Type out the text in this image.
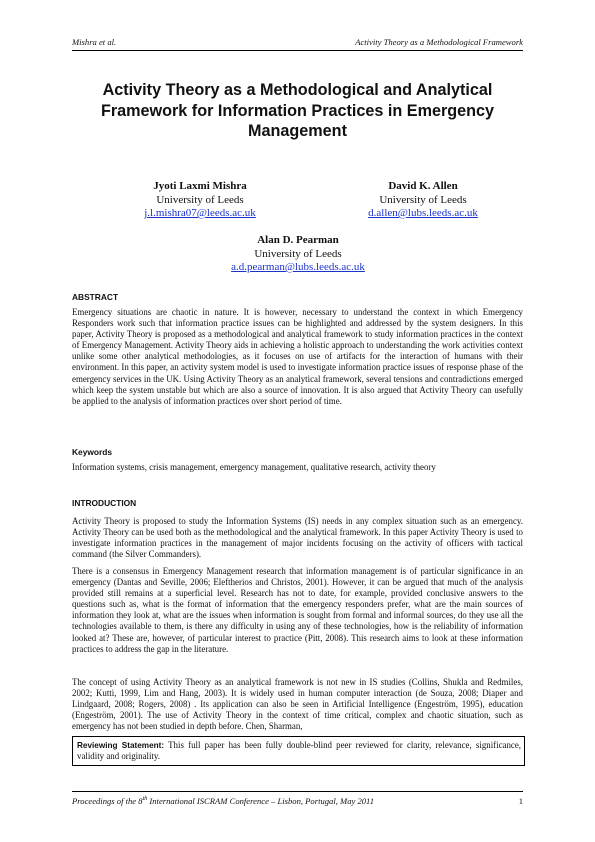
Mishra et al.	Activity Theory as a Methodological Framework
Activity Theory as a Methodological and Analytical Framework for Information Practices in Emergency Management
Jyoti Laxmi Mishra
University of Leeds
j.l.mishra07@leeds.ac.uk
David K. Allen
University of Leeds
d.allen@lubs.leeds.ac.uk
Alan D. Pearman
University of Leeds
a.d.pearman@lubs.leeds.ac.uk
ABSTRACT
Emergency situations are chaotic in nature. It is however, necessary to understand the context in which Emergency Responders work such that information practice issues can be highlighted and addressed by the system designers. In this paper, Activity Theory is proposed as a methodological and analytical framework to study information practices in the context of Emergency Management. Activity Theory aids in achieving a holistic approach to understanding the work activities context unlike some other analytical methodologies, as it focuses on use of artifacts for the interaction of humans with their environment. In this paper, an activity system model is used to investigate information practice issues of response phase of the emergency services in the UK. Using Activity Theory as an analytical framework, several tensions and contradictions emerged which keep the system unstable but which are also a source of innovation. It is also argued that Activity Theory can usefully be applied to the analysis of information practices over short period of time.
Keywords
Information systems, crisis management, emergency management, qualitative research, activity theory
INTRODUCTION
Activity Theory is proposed to study the Information Systems (IS) needs in any complex situation such as an emergency. Activity Theory can be used both as the methodological and the analytical framework. In this paper Activity Theory is used to investigate information practices in the management of major incidents focusing on the activity of officers with tactical command (the Silver Commanders).
There is a consensus in Emergency Management research that information management is of particular significance in an emergency (Dantas and Seville, 2006; Eleftherios and Christos, 2001). However, it can be argued that much of the analysis provided still remains at a superficial level. Research has not to date, for example, provided conclusive answers to the questions such as, what is the format of information that the emergency responders prefer, what are the main sources of information they look at, what are the issues when information is sought from formal and informal sources, do they use all the technologies available to them, is there any difficulty in using any of these technologies, how is the reliability of information looked at? These are, however, of particular interest to practice (Pitt, 2008). This research aims to look at these information practices to address the gap in the literature.
The concept of using Activity Theory as an analytical framework is not new in IS studies (Collins, Shukla and Redmiles, 2002; Kutti, 1999, Lim and Hang, 2003). It is widely used in human computer interaction (de Souza, 2008; Diaper and Lindgaard, 2008; Rogers, 2008) . Its application can also be seen in Artificial Intelligence (Engeström, 1995), education (Engeström, 2001). The use of Activity Theory in the context of time critical, complex and chaotic situation, such as emergency has not been studied in depth before. Chen, Sharman,
Reviewing Statement: This full paper has been fully double-blind peer reviewed for clarity, relevance, significance, validity and originality.
Proceedings of the 8th International ISCRAM Conference – Lisbon, Portugal, May 2011	1
